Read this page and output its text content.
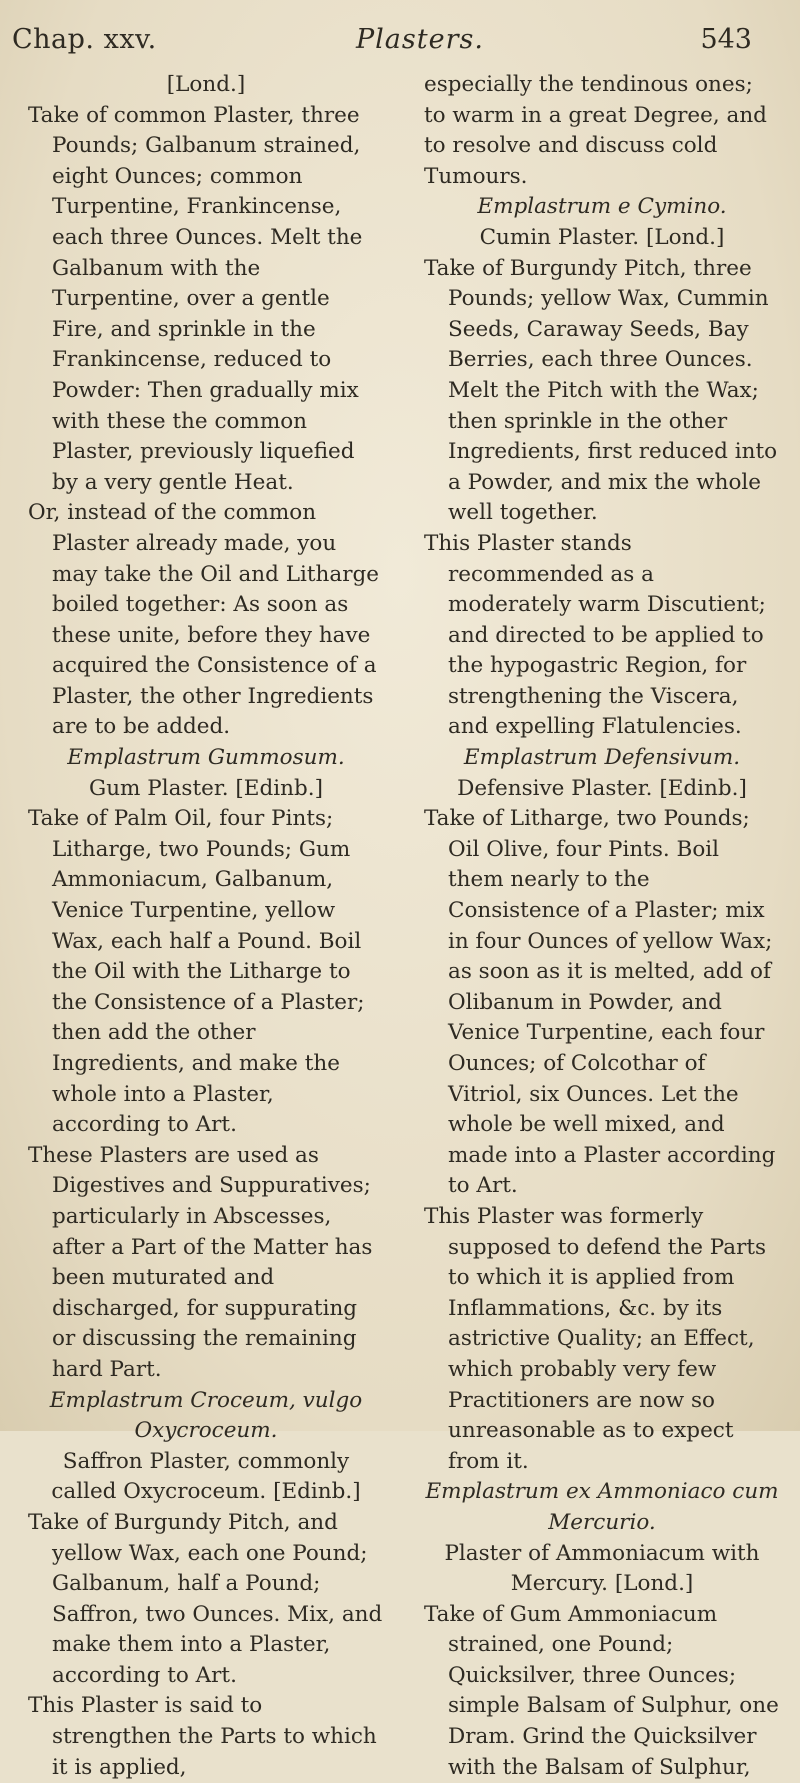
Chap. xxv.	Plasters.	543

[Lond.]

Take of common Plaster, three Pounds; Galbanum strained, eight Ounces; common Turpentine, Frankincense, each three Ounces. Melt the Galbanum with the Turpentine, over a gentle Fire, and sprinkle in the Frankincense, reduced to Powder: Then gradually mix with these the common Plaster, previously liquefied by a very gentle Heat.

Or, instead of the common Plaster already made, you may take the Oil and Litharge boiled together: As soon as these unite, before they have acquired the Consistence of a Plaster, the other Ingredients are to be added.

Emplastrum Gummosum.

Gum Plaster. [Edinb.]

Take of Palm Oil, four Pints; Litharge, two Pounds; Gum Ammoniacum, Galbanum, Venice Turpentine, yellow Wax, each half a Pound. Boil the Oil with the Litharge to the Consistence of a Plaster; then add the other Ingredients, and make the whole into a Plaster, according to Art.

These Plasters are used as Digestives and Suppuratives; particularly in Abscesses, after a Part of the Matter has been muturated and discharged, for suppurating or discussing the remaining hard Part.

Emplastrum Croceum, vulgo Oxycroceum.

Saffron Plaster, commonly called Oxycroceum. [Edinb.]

Take of Burgundy Pitch, and yellow Wax, each one Pound; Galbanum, half a Pound; Saffron, two Ounces. Mix, and make them into a Plaster, according to Art.

This Plaster is said to strengthen the Parts to which it is applied,

especially the tendinous ones; to warm in a great Degree, and to resolve and discuss cold Tumours.

Emplastrum e Cymino.

Cumin Plaster. [Lond.]

Take of Burgundy Pitch, three Pounds; yellow Wax, Cummin Seeds, Caraway Seeds, Bay Berries, each three Ounces. Melt the Pitch with the Wax; then sprinkle in the other Ingredients, first reduced into a Powder, and mix the whole well together.

This Plaster stands recommended as a moderately warm Discutient; and directed to be applied to the hypogastric Region, for strengthening the Viscera, and expelling Flatulencies.

Emplastrum Defensivum.

Defensive Plaster. [Edinb.]

Take of Litharge, two Pounds; Oil Olive, four Pints. Boil them nearly to the Consistence of a Plaster; mix in four Ounces of yellow Wax; as soon as it is melted, add of Olibanum in Powder, and Venice Turpentine, each four Ounces; of Colcothar of Vitriol, six Ounces. Let the whole be well mixed, and made into a Plaster according to Art.

This Plaster was formerly supposed to defend the Parts to which it is applied from Inflammations, &c. by its astrictive Quality; an Effect, which probably very few Practitioners are now so unreasonable as to expect from it.

Emplastrum ex Ammoniaco cum Mercurio.

Plaster of Ammoniacum with Mercury. [Lond.]

Take of Gum Ammoniacum strained, one Pound; Quicksilver, three Ounces; simple Balsam of Sulphur, one Dram. Grind the Quicksilver with the Balsam of Sulphur,
